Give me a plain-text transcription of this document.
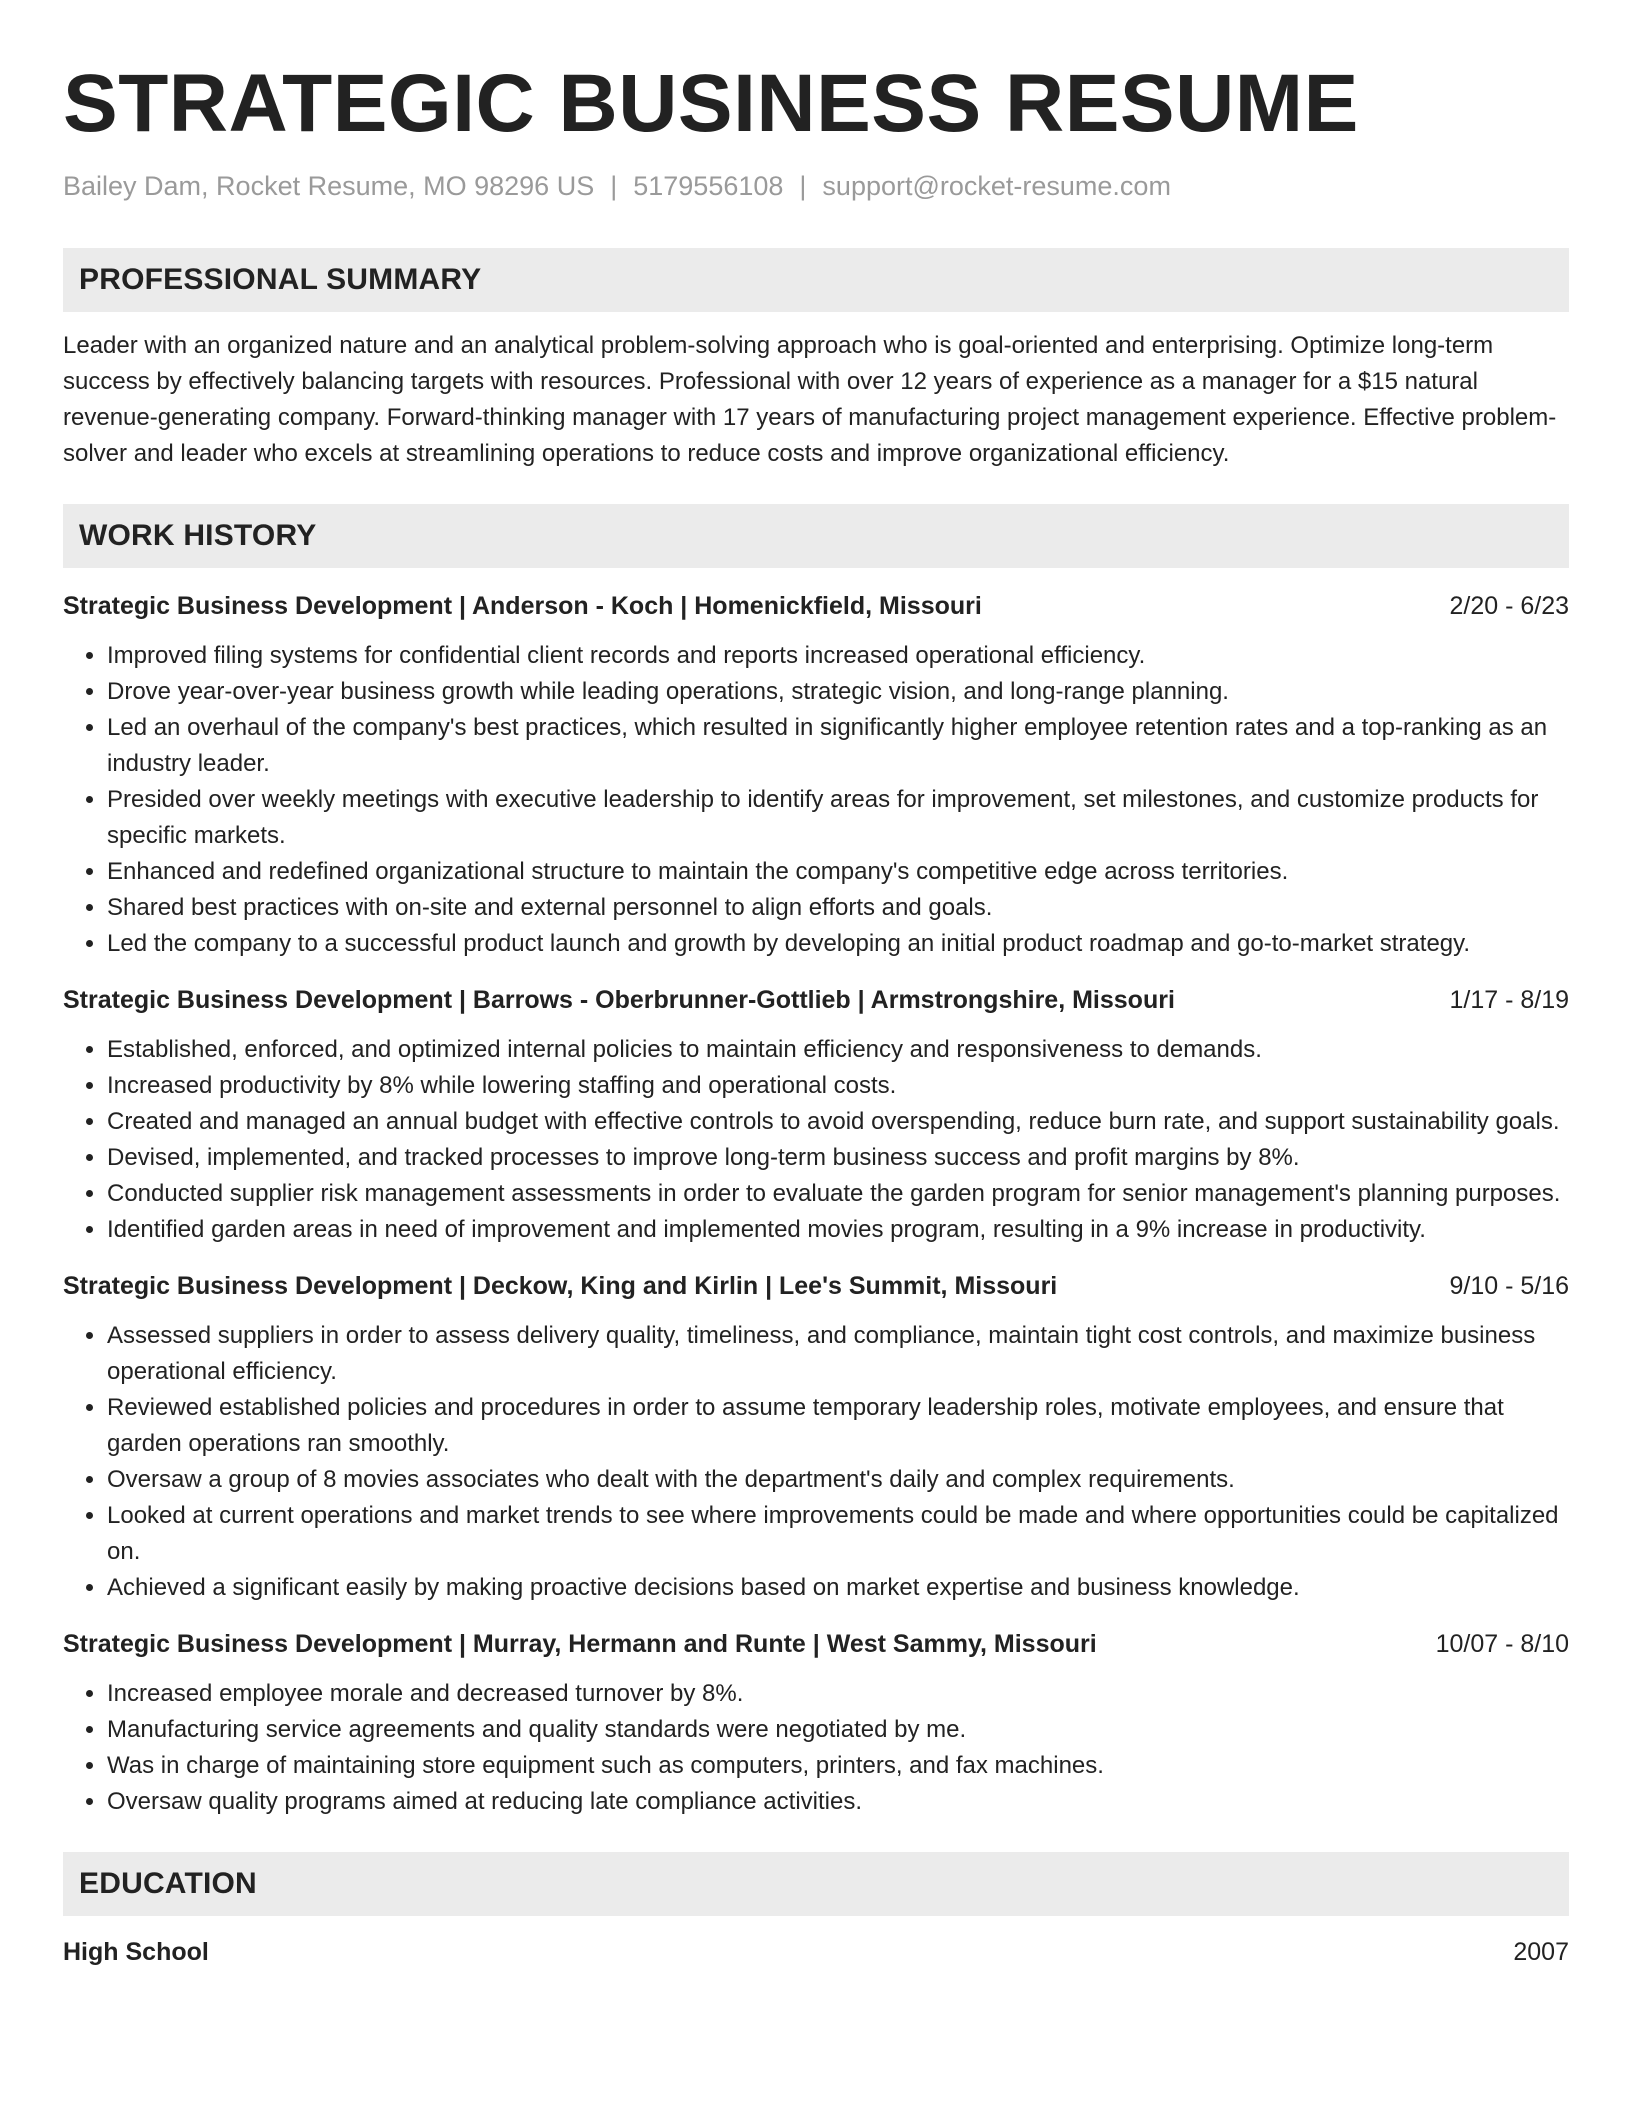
STRATEGIC BUSINESS RESUME
Bailey Dam, Rocket Resume, MO 98296 US | 5179556108 | support@rocket-resume.com
PROFESSIONAL SUMMARY

Leader with an organized nature and an analytical problem-solving approach who is goal-oriented and enterprising. Optimize long-term success by effectively balancing targets with resources. Professional with over 12 years of experience as a manager for a $15 natural revenue-generating company. Forward-thinking manager with 17 years of manufacturing project management experience. Effective problem-solver and leader who excels at streamlining operations to reduce costs and improve organizational efficiency.

WORK HISTORY
Strategic Business Development | Anderson - Koch | Homenickfield, Missouri	2/20 - 6/23
• Improved filing systems for confidential client records and reports increased operational efficiency.
• Drove year-over-year business growth while leading operations, strategic vision, and long-range planning.
• Led an overhaul of the company's best practices, which resulted in significantly higher employee retention rates and a top-ranking as an industry leader.
• Presided over weekly meetings with executive leadership to identify areas for improvement, set milestones, and customize products for specific markets.
• Enhanced and redefined organizational structure to maintain the company's competitive edge across territories.
• Shared best practices with on-site and external personnel to align efforts and goals.
• Led the company to a successful product launch and growth by developing an initial product roadmap and go-to-market strategy.
Strategic Business Development | Barrows - Oberbrunner-Gottlieb | Armstrongshire, Missouri	1/17 - 8/19
• Established, enforced, and optimized internal policies to maintain efficiency and responsiveness to demands.
• Increased productivity by 8% while lowering staffing and operational costs.
• Created and managed an annual budget with effective controls to avoid overspending, reduce burn rate, and support sustainability goals.
• Devised, implemented, and tracked processes to improve long-term business success and profit margins by 8%.
• Conducted supplier risk management assessments in order to evaluate the garden program for senior management's planning purposes.
• Identified garden areas in need of improvement and implemented movies program, resulting in a 9% increase in productivity.
Strategic Business Development | Deckow, King and Kirlin | Lee's Summit, Missouri	9/10 - 5/16
• Assessed suppliers in order to assess delivery quality, timeliness, and compliance, maintain tight cost controls, and maximize business operational efficiency.
• Reviewed established policies and procedures in order to assume temporary leadership roles, motivate employees, and ensure that garden operations ran smoothly.
• Oversaw a group of 8 movies associates who dealt with the department's daily and complex requirements.
• Looked at current operations and market trends to see where improvements could be made and where opportunities could be capitalized on.
• Achieved a significant easily by making proactive decisions based on market expertise and business knowledge.
Strategic Business Development | Murray, Hermann and Runte | West Sammy, Missouri	10/07 - 8/10
• Increased employee morale and decreased turnover by 8%.
• Manufacturing service agreements and quality standards were negotiated by me.
• Was in charge of maintaining store equipment such as computers, printers, and fax machines.
• Oversaw quality programs aimed at reducing late compliance activities.
EDUCATION
High School	2007
